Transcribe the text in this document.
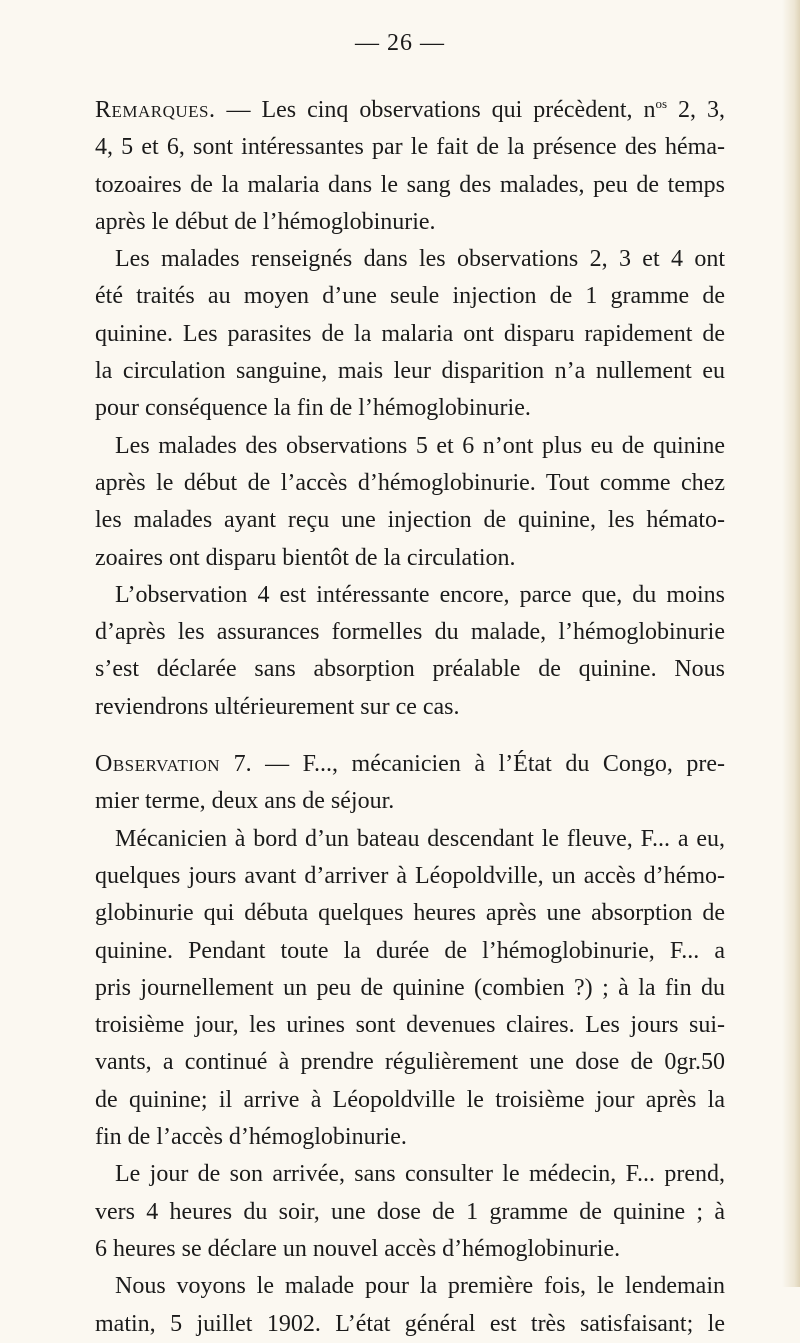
— 26 —
Remarques. — Les cinq observations qui précèdent, $n^{os}$ 2, 3,
4, 5 et 6, sont intéressantes par le fait de la présence des héma-
tozoaires de la malaria dans le sang des malades, peu de temps
après le début de l’hémoglobinurie.
Les malades renseignés dans les observations 2, 3 et 4 ont
été traités au moyen d’une seule injection de 1 gramme de
quinine. Les parasites de la malaria ont disparu rapidement de
la circulation sanguine, mais leur disparition n’a nullement eu
pour conséquence la fin de l’hémoglobinurie.
Les malades des observations 5 et 6 n’ont plus eu de quinine
après le début de l’accès d’hémoglobinurie. Tout comme chez
les malades ayant reçu une injection de quinine, les hémato-
zoaires ont disparu bientôt de la circulation.
L’observation 4 est intéressante encore, parce que, du moins
d’après les assurances formelles du malade, l’hémoglobinurie
s’est déclarée sans absorption préalable de quinine. Nous
reviendrons ultérieurement sur ce cas.
Observation 7. — F..., mécanicien à l’État du Congo, pre-
mier terme, deux ans de séjour.
Mécanicien à bord d’un bateau descendant le fleuve, F... a eu,
quelques jours avant d’arriver à Léopoldville, un accès d’hémo-
globinurie qui débuta quelques heures après une absorption de
quinine. Pendant toute la durée de l’hémoglobinurie, F... a
pris journellement un peu de quinine (combien ?) ; à la fin du
troisième jour, les urines sont devenues claires. Les jours sui-
vants, a continué à prendre régulièrement une dose de 0gr.50
de quinine; il arrive à Léopoldville le troisième jour après la
fin de l’accès d’hémoglobinurie.
Le jour de son arrivée, sans consulter le médecin, F... prend,
vers 4 heures du soir, une dose de 1 gramme de quinine ; à
6 heures se déclare un nouvel accès d’hémoglobinurie.
Nous voyons le malade pour la première fois, le lendemain
matin, 5 juillet 1902. L’état général est très satisfaisant; le
